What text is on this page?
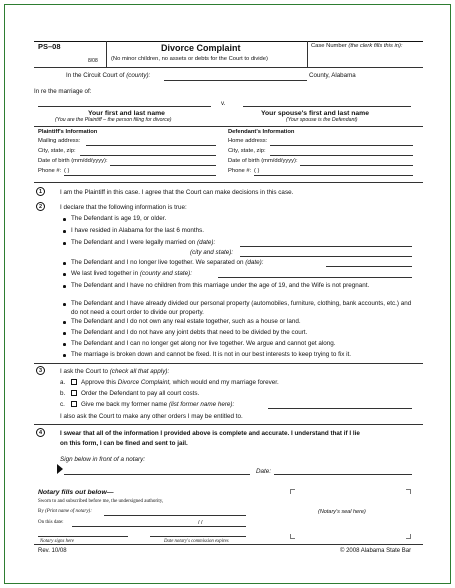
PS–08
8/08
Divorce Complaint
(No minor children, no assets or debts for the Court to divide)
Case Number (the clerk fills this in):
In the Circuit Court of (county):	County, Alabama
In re the marriage of:
v.
Your first and last name
(You are the Plaintiff – the person filing for divorce)
Your spouse's first and last name
(Your spouse is the Defendant)
Plaintiff's Information
Mailing address:
City, state, zip:
Date of birth (mm/dd/yyyy):
Phone #: ( )
Defendant's Information
Home address:
City, state, zip:
Date of birth (mm/dd/yyyy):
Phone #: ( )
1	I am the Plaintiff in this case. I agree that the Court can make decisions in this case.
2	I declare that the following information is true:
The Defendant is age 19, or older.
I have resided in Alabama for the last 6 months.
The Defendant and I were legally married on (date):
(city and state):
The Defendant and I no longer live together. We separated on (date):
We last lived together in (county and state):
The Defendant and I have no children from this marriage under the age of 19, and the Wife is not pregnant.
The Defendant and I have already divided our personal property (automobiles, furniture, clothing, bank accounts, etc.) and do not need a court order to divide our property.
The Defendant and I do not own any real estate together, such as a house or land.
The Defendant and I do not have any joint debts that need to be divided by the court.
The Defendant and I can no longer get along nor live together. We argue and cannot get along.
The marriage is broken down and cannot be fixed. It is not in our best interests to keep trying to fix it.
3	I ask the Court to (check all that apply):
a. Approve this Divorce Complaint, which would end my marriage forever.
b. Order the Defendant to pay all court costs.
c.	Give me back my former name (list former name here):
I also ask the Court to make any other orders I may be entitled to.
4	I swear that all of the information I provided above is complete and accurate. I understand that if I lie
on this form, I can be fined and sent to jail.
Sign below in front of a notary:
Date:
Notary fills out below—
Sworn to and subscribed before me, the undersigned authority,
By (Print name of notary):
On this date:	/ /
Notary signs here	Date notary's commission expires
(Notary's seal here)
Rev. 10/08	© 2008 Alabama State Bar
